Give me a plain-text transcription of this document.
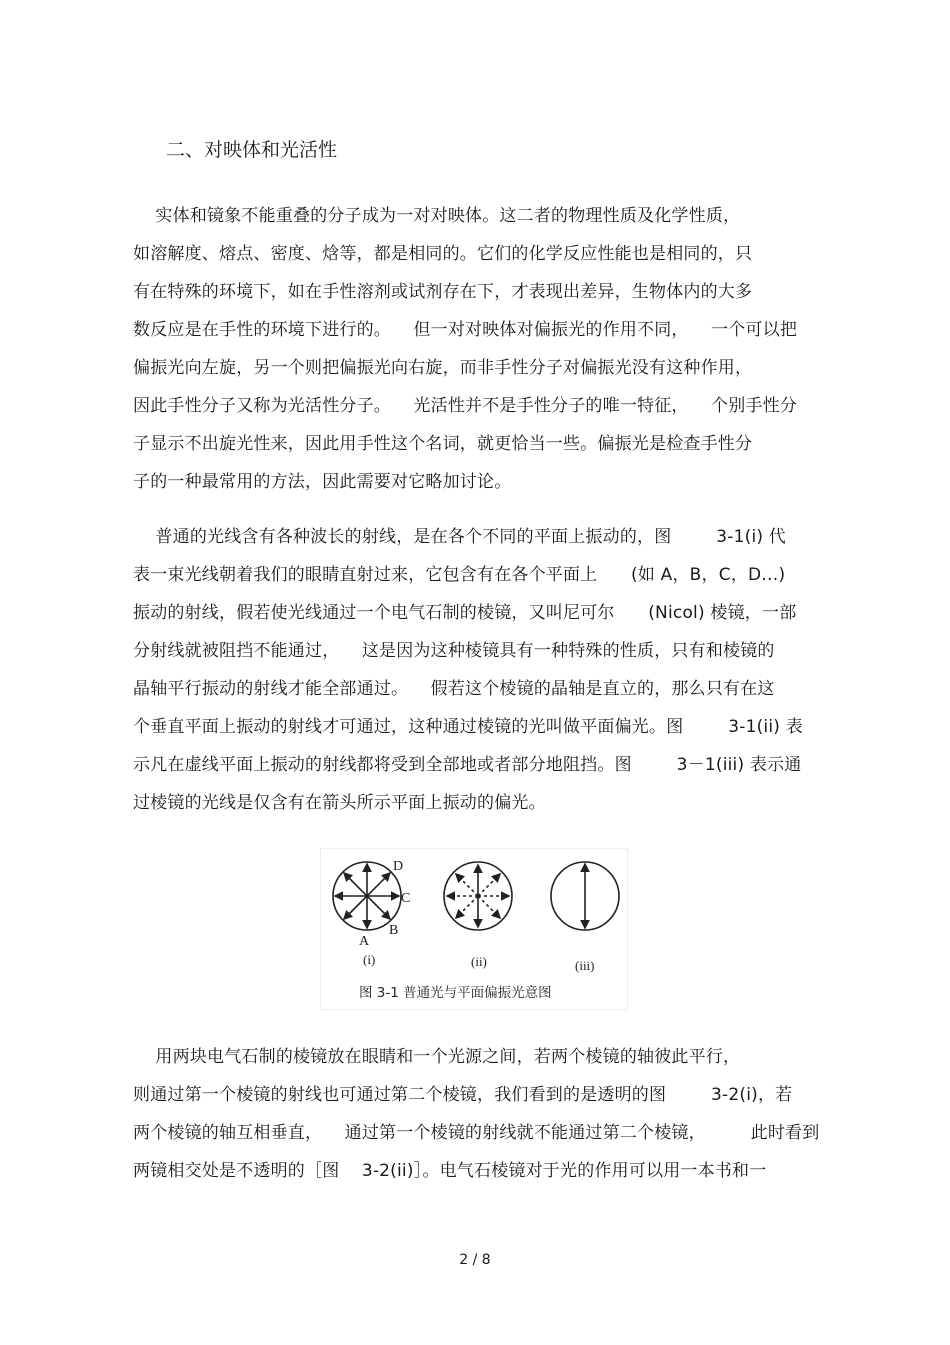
二、对映体和光活性
实体和镜象不能重叠的分子成为一对对映体。这二者的物理性质及化学性质，
如溶解度、熔点、密度、焓等，都是相同的。它们的化学反应性能也是相同的，只
有在特殊的环境下，如在手性溶剂或试剂存在下，才表现出差异，生物体内的大多
数反应是在手性的环境下进行的。    但一对对映体对偏振光的作用不同，    一个可以把
偏振光向左旋，另一个则把偏振光向右旋，而非手性分子对偏振光没有这种作用，
因此手性分子又称为光活性分子。    光活性并不是手性分子的唯一特征，    个别手性分
子显示不出旋光性来，因此用手性这个名词，就更恰当一些。偏振光是检查手性分
子的一种最常用的方法，因此需要对它略加讨论。
普通的光线含有各种波长的射线，是在各个不同的平面上振动的，图        3-1(i) 代
表一束光线朝着我们的眼睛直射过来，它包含有在各个平面上      (如 A，B，C，D…)
振动的射线，假若使光线通过一个电气石制的棱镜，又叫尼可尔      (Nicol) 棱镜，一部
分射线就被阻挡不能通过，    这是因为这种棱镜具有一种特殊的性质，只有和棱镜的
晶轴平行振动的射线才能全部通过。    假若这个棱镜的晶轴是直立的，那么只有在这
个垂直平面上振动的射线才可通过，这种通过棱镜的光叫做平面偏光。图        3-1(ii) 表
示凡在虚线平面上振动的射线都将受到全部地或者部分地阻挡。图        3－1(iii) 表示通
过棱镜的光线是仅含有在箭头所示平面上振动的偏光。
D
C
A
B
(i)	(ii)	(iii)
图 3-1 普通光与平面偏振光意图
用两块电气石制的棱镜放在眼睛和一个光源之间，若两个棱镜的轴彼此平行，
则通过第一个棱镜的射线也可通过第二个棱镜，我们看到的是透明的图        3-2(i)，若
两个棱镜的轴互相垂直，    通过第一个棱镜的射线就不能通过第二个棱镜，        此时看到
两镜相交处是不透明的［图    3-2(ii)］。电气石棱镜对于光的作用可以用一本书和一
2 / 8
